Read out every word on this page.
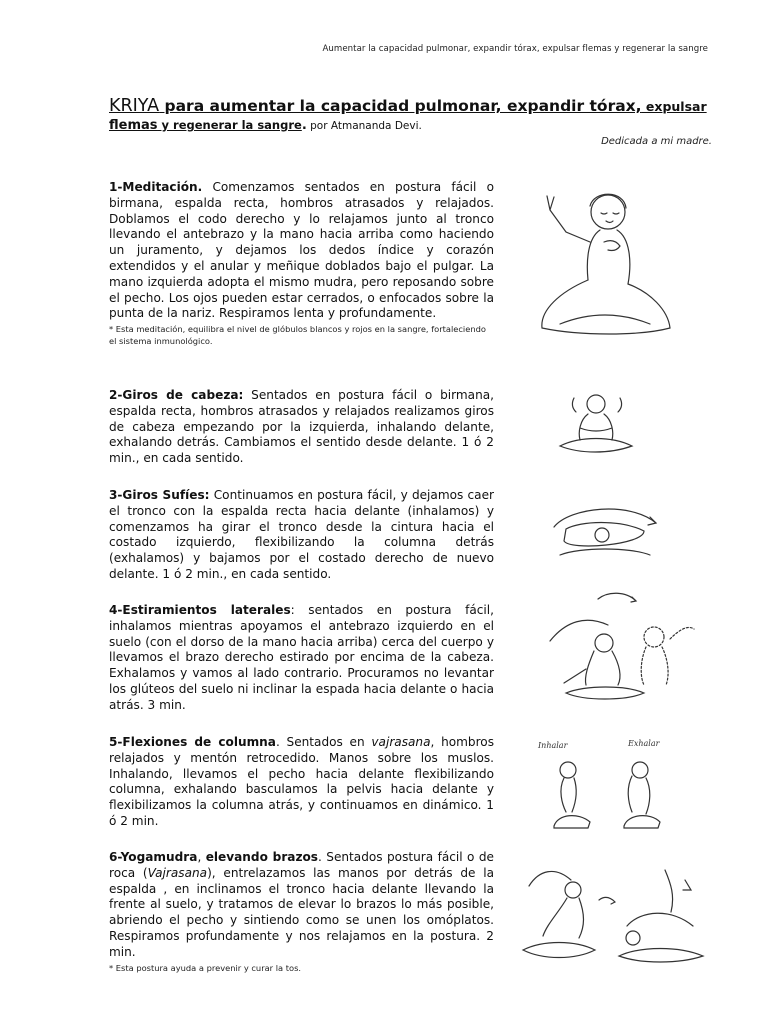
Aumentar la capacidad pulmonar, expandir tórax, expulsar flemas y regenerar la sangre
KRIYA para aumentar la capacidad pulmonar, expandir tórax, expulsar
flemas y regenerar la sangre. por Atmananda Devi.
Dedicada a mi madre.
1-Meditación. Comenzamos sentados en postura fácil o birmana, espalda recta, hombros atrasados y relajados. Doblamos el codo derecho y lo relajamos junto al tronco llevando el antebrazo y la mano hacia arriba como haciendo un juramento, y dejamos los dedos índice y corazón extendidos y el anular y meñique doblados bajo el pulgar. La mano izquierda adopta el mismo mudra, pero reposando sobre el pecho. Los ojos pueden estar cerrados, o enfocados sobre la punta de la nariz. Respiramos lenta y profundamente.
* Esta meditación, equilibra el nivel de glóbulos blancos y rojos en la sangre, fortaleciendo el sistema inmunológico.
2-Giros de cabeza: Sentados en postura fácil o birmana, espalda recta, hombros atrasados y relajados realizamos giros de cabeza empezando por la izquierda, inhalando delante, exhalando detrás. Cambiamos el sentido desde delante. 1 ó 2 min., en cada sentido.
3-Giros Sufíes: Continuamos en postura fácil, y dejamos caer el tronco con la espalda recta hacia delante (inhalamos) y comenzamos ha girar el tronco desde la cintura hacia el costado izquierdo, flexibilizando la columna detrás (exhalamos) y bajamos por el costado derecho de nuevo delante. 1 ó 2 min., en cada sentido.
4-Estiramientos laterales: sentados en postura fácil, inhalamos mientras apoyamos el antebrazo izquierdo en el suelo (con el dorso de la mano hacia arriba) cerca del cuerpo y llevamos el brazo derecho estirado por encima de la cabeza. Exhalamos y vamos al lado contrario. Procuramos no levantar los glúteos del suelo ni inclinar la espada hacia delante o hacia atrás. 3 min.
5-Flexiones de columna. Sentados en vajrasana, hombros relajados y mentón retrocedido. Manos sobre los muslos. Inhalando, llevamos el pecho hacia delante flexibilizando columna, exhalando basculamos la pelvis hacia delante y flexibilizamos la columna atrás, y continuamos en dinámico. 1 ó 2 min.
6-Yogamudra, elevando brazos. Sentados postura fácil o de roca (Vajrasana), entrelazamos las manos por detrás de la espalda , en inclinamos el tronco hacia delante llevando la frente al suelo, y tratamos de elevar lo brazos lo más posible, abriendo el pecho y sintiendo como se unen los omóplatos. Respiramos profundamente y nos relajamos en la postura. 2 min.
* Esta postura ayuda a prevenir y curar la tos.
Inhalar	Exhalar
